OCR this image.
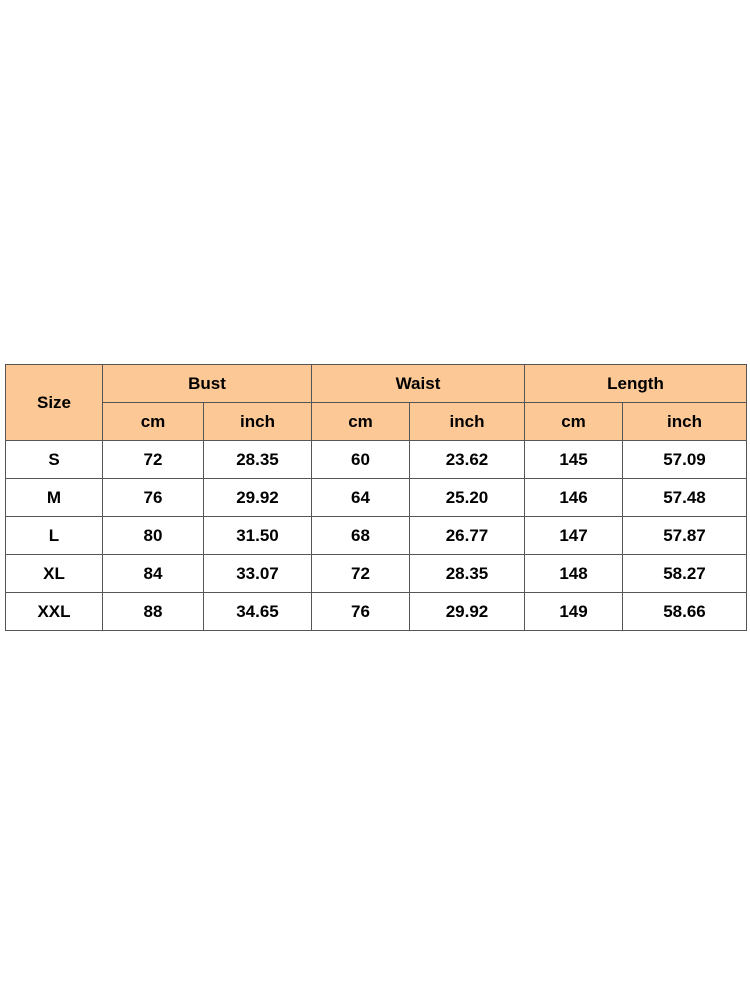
Size	Bust		Waist		Length	
	cm	inch	cm	inch	cm	inch
S	72	28.35	60	23.62	145	57.09
M	76	29.92	64	25.20	146	57.48
L	80	31.50	68	26.77	147	57.87
XL	84	33.07	72	28.35	148	58.27
XXL	88	34.65	76	29.92	149	58.66
